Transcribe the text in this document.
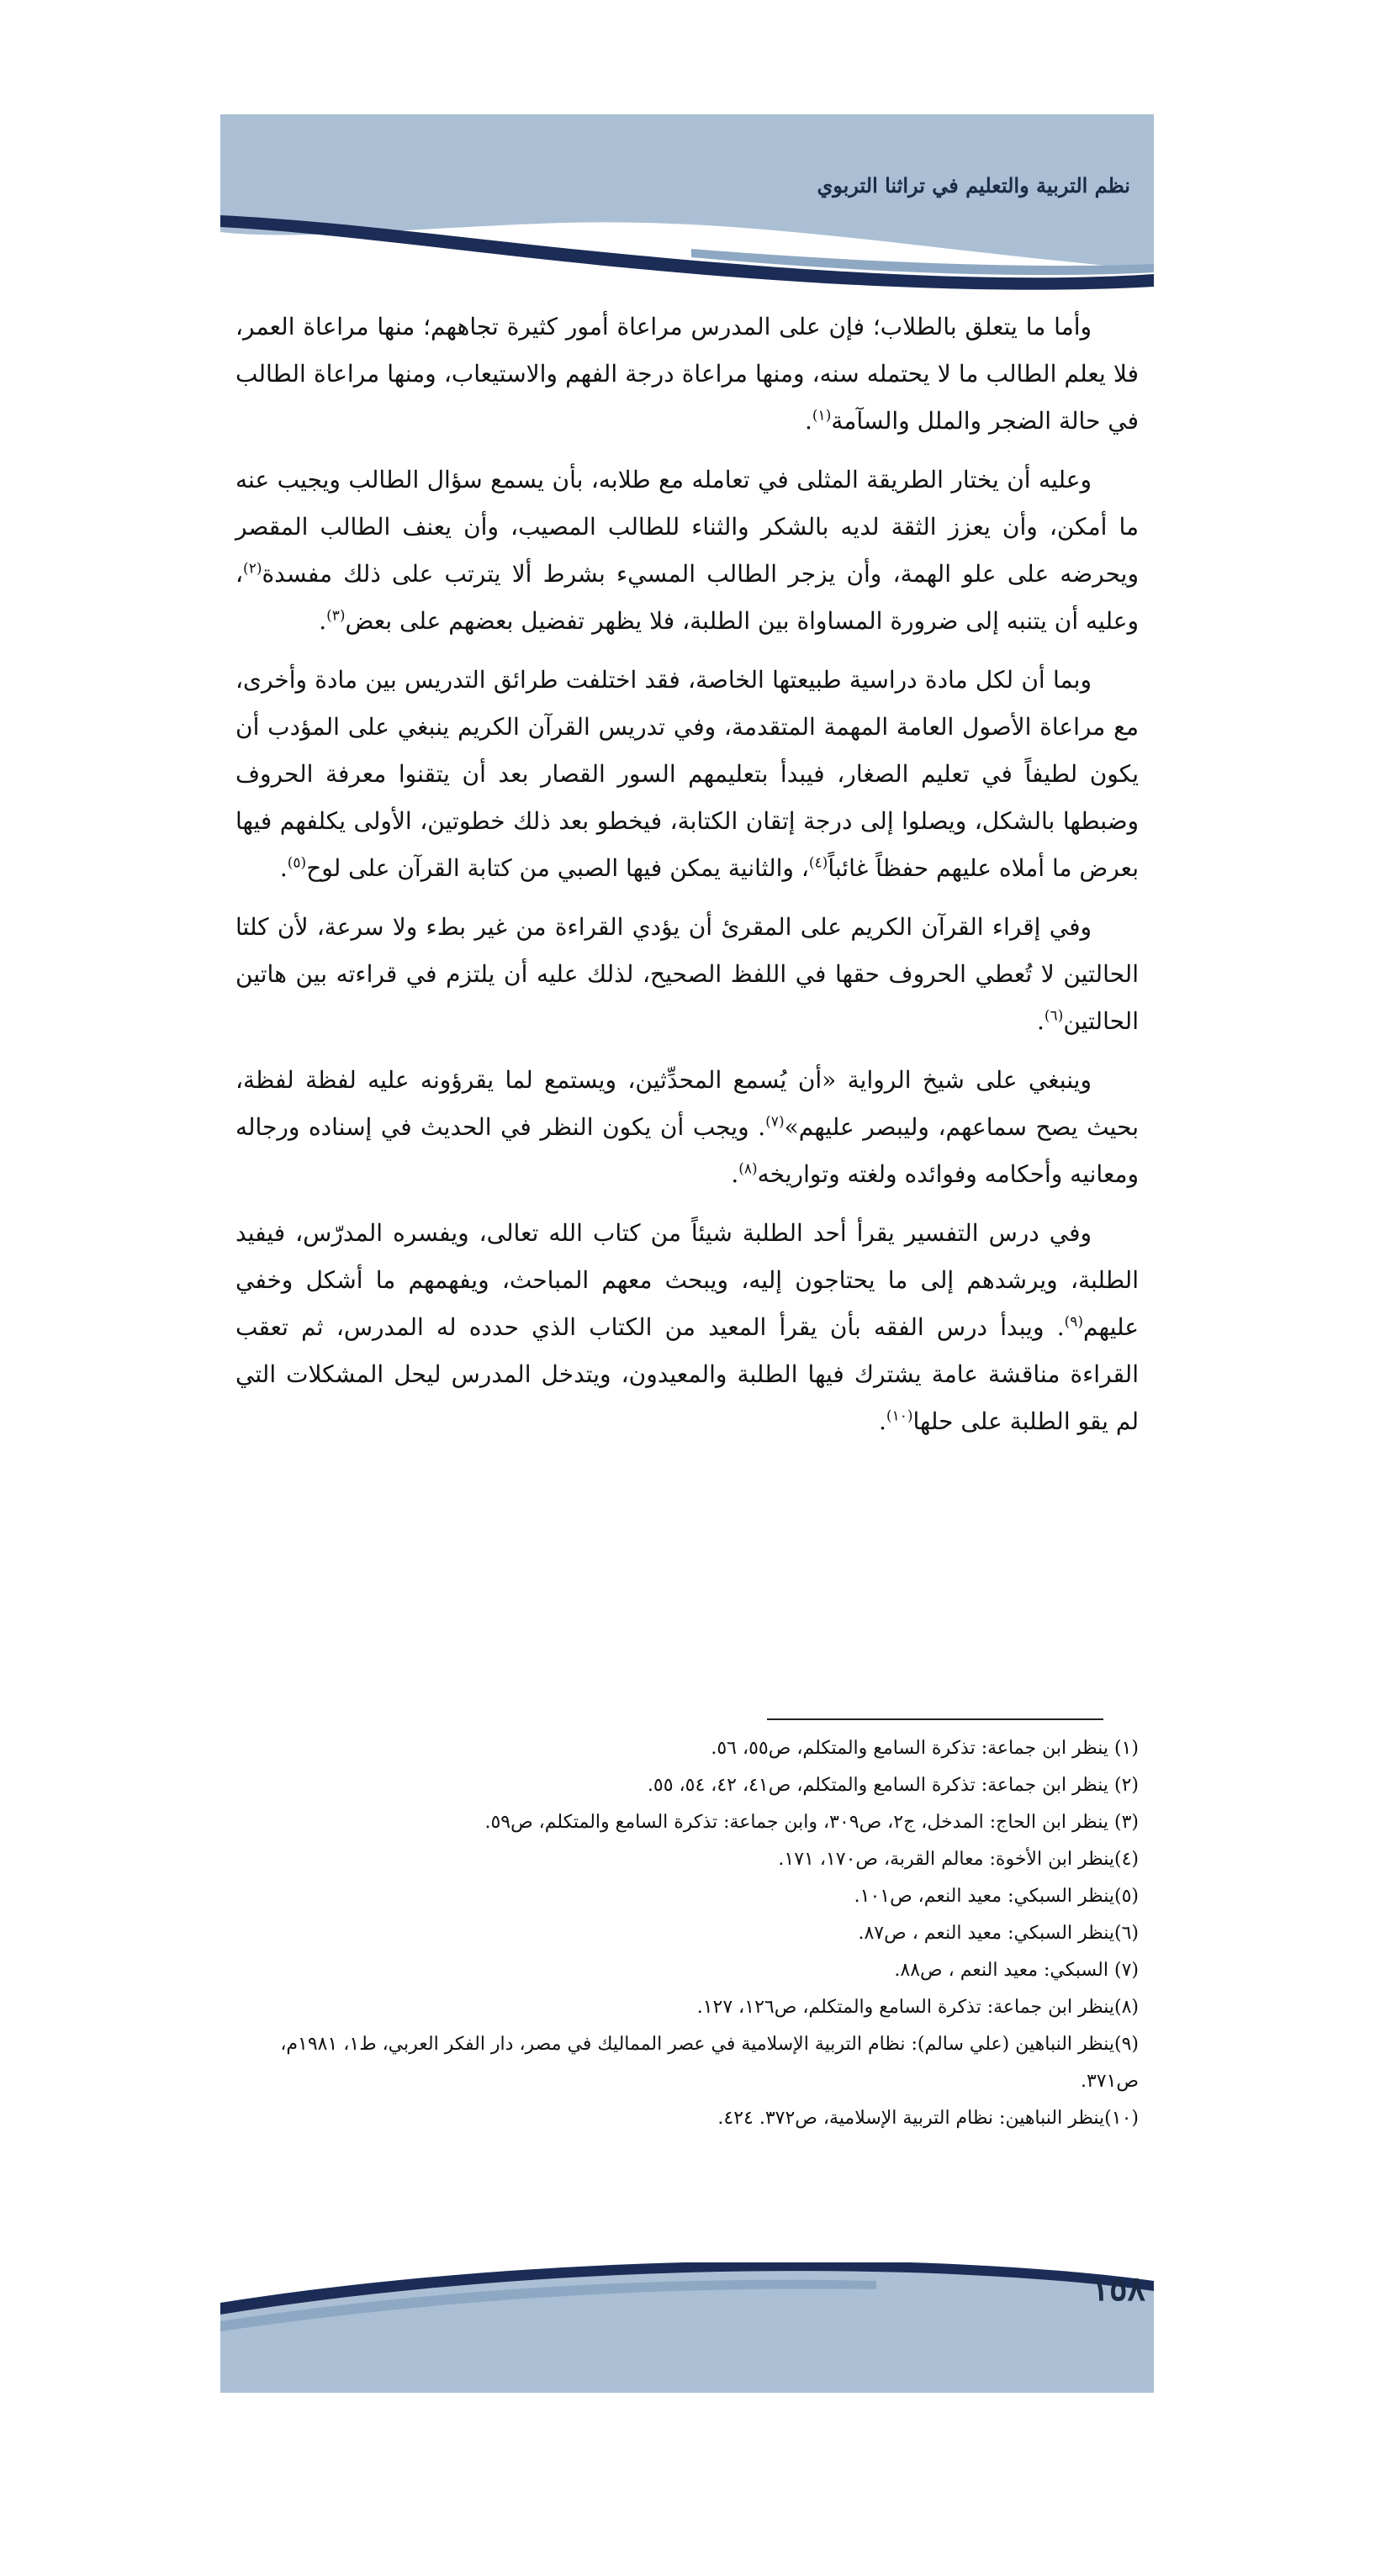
نظم التربية والتعليم في تراثنا التربوي

وأما ما يتعلق بالطلاب؛ فإن على المدرس مراعاة أمور كثيرة تجاههم؛ منها مراعاة العمر، فلا يعلم الطالب ما لا يحتمله سنه، ومنها مراعاة درجة الفهم والاستيعاب، ومنها مراعاة الطالب في حالة الضجر والملل والسآمة$^{(١)}$.

وعليه أن يختار الطريقة المثلى في تعامله مع طلابه، بأن يسمع سؤال الطالب ويجيب عنه ما أمكن، وأن يعزز الثقة لديه بالشكر والثناء للطالب المصيب، وأن يعنف الطالب المقصر ويحرضه على علو الهمة، وأن يزجر الطالب المسيء بشرط ألا يترتب على ذلك مفسدة$^{(٢)}$، وعليه أن يتنبه إلى ضرورة المساواة بين الطلبة، فلا يظهر تفضيل بعضهم على بعض$^{(٣)}$.

وبما أن لكل مادة دراسية طبيعتها الخاصة، فقد اختلفت طرائق التدريس بين مادة وأخرى، مع مراعاة الأصول العامة المهمة المتقدمة، وفي تدريس القرآن الكريم ينبغي على المؤدب أن يكون لطيفاً في تعليم الصغار، فيبدأ بتعليمهم السور القصار بعد أن يتقنوا معرفة الحروف وضبطها بالشكل، ويصلوا إلى درجة إتقان الكتابة، فيخطو بعد ذلك خطوتين، الأولى يكلفهم فيها بعرض ما أملاه عليهم حفظاً غائباً$^{(٤)}$، والثانية يمكن فيها الصبي من كتابة القرآن على لوح$^{(٥)}$.

وفي إقراء القرآن الكريم على المقرئ أن يؤدي القراءة من غير بطء ولا سرعة، لأن كلتا الحالتين لا تُعطي الحروف حقها في اللفظ الصحيح، لذلك عليه أن يلتزم في قراءته بين هاتين الحالتين$^{(٦)}$.

وينبغي على شيخ الرواية «أن يُسمع المحدِّثين، ويستمع لما يقرؤونه عليه لفظة لفظة، بحيث يصح سماعهم، وليبصر عليهم»$^{(٧)}$. ويجب أن يكون النظر في الحديث في إسناده ورجاله ومعانيه وأحكامه وفوائده ولغته وتواريخه$^{(٨)}$.

وفي درس التفسير يقرأ أحد الطلبة شيئاً من كتاب الله تعالى، ويفسره المدرّس، فيفيد الطلبة، ويرشدهم إلى ما يحتاجون إليه، ويبحث معهم المباحث، ويفهمهم ما أشكل وخفي عليهم$^{(٩)}$. ويبدأ درس الفقه بأن يقرأ المعيد من الكتاب الذي حدده له المدرس، ثم تعقب القراءة مناقشة عامة يشترك فيها الطلبة والمعيدون، ويتدخل المدرس ليحل المشكلات التي لم يقو الطلبة على حلها$^{(١٠)}$.

(١) ينظر ابن جماعة: تذكرة السامع والمتكلم، ص٥٥، ٥٦.
(٢) ينظر ابن جماعة: تذكرة السامع والمتكلم، ص٤١، ٤٢، ٥٤، ٥٥.
(٣) ينظر ابن الحاج: المدخل، ج٢، ص٣٠٩، وابن جماعة: تذكرة السامع والمتكلم، ص٥٩.
(٤)ينظر ابن الأخوة: معالم القربة، ص١٧٠، ١٧١.
(٥)ينظر السبكي: معيد النعم، ص١٠١.
(٦)ينظر السبكي: معيد النعم ، ص٨٧.
(٧) السبكي: معيد النعم ، ص٨٨.
(٨)ينظر ابن جماعة: تذكرة السامع والمتكلم، ص١٢٦، ١٢٧.
(٩)ينظر النباهين (علي سالم): نظام التربية الإسلامية في عصر المماليك في مصر، دار الفكر العربي، ط١، ١٩٨١م، ص٣٧١.
(١٠)ينظر النباهين: نظام التربية الإسلامية، ص٣٧٢. ٤٢٤.
١٥٨
